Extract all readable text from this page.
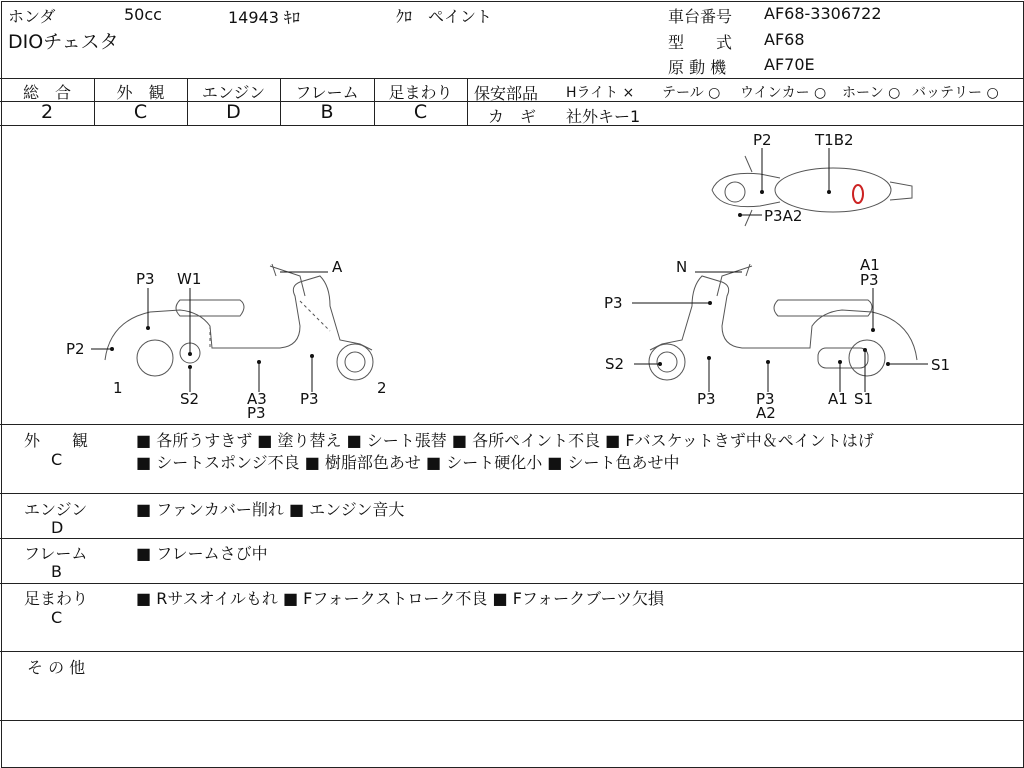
ホンダ	50cc	14943 ｷﾛ	ｸﾛ　ペイント
DIOチェスタ
車台番号 AF68-3306722
型　　式 AF68
原 動 機 AF70E
総　合
2
外　観
C
エンジン
D
フレーム
B
足まわり
C
保安部品 Hライト × テール ○ ウインカー ○ ホーン ○ バッテリー ○
カ　ギ 社外キー1
P2	T1B2
P3A2
P3 W1
A
P2
1
S2	A3
P3
P3
2
N	A1
P3
P3
S2	S1
P3	P3
A2
A1 S1
外　　観
C
■ 各所うすきず ■ 塗り替え ■ シート張替 ■ 各所ペイント不良 ■ Fバスケットきず中＆ペイントはげ
■ シートスポンジ不良 ■ 樹脂部色あせ ■ シート硬化小 ■ シート色あせ中
エンジン
D
■ ファンカバー削れ ■ エンジン音大
フレーム
B
■ フレームさび中
足まわり
C
■ Rサスオイルもれ ■ Fフォークストローク不良 ■ Fフォークブーツ欠損
そ の 他
